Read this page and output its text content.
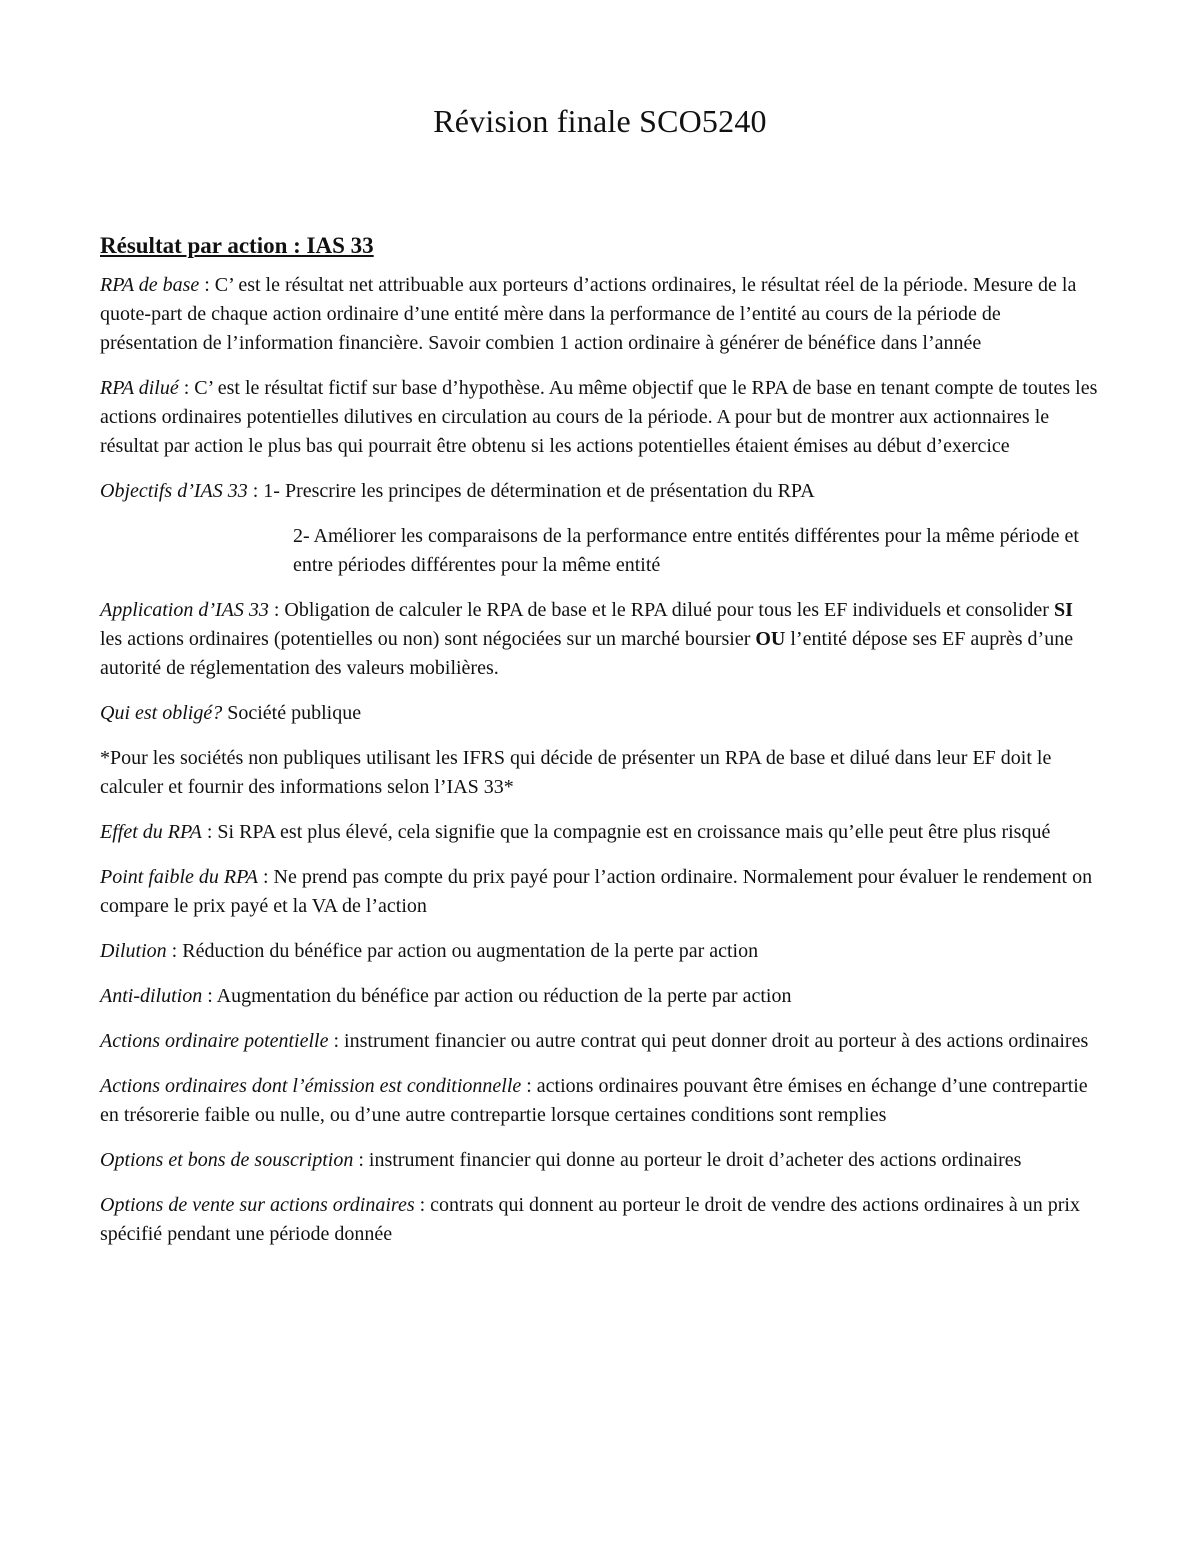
Révision finale SCO5240
Résultat par action : IAS 33

RPA de base : C’ est le résultat net attribuable aux porteurs d’actions ordinaires, le résultat réel de la période. Mesure de la quote-part de chaque action ordinaire d’une entité mère dans la performance de l’entité au cours de la période de présentation de l’information financière. Savoir combien 1 action ordinaire à générer de bénéfice dans l’année

RPA dilué : C’ est le résultat fictif sur base d’hypothèse. Au même objectif que le RPA de base en tenant compte de toutes les actions ordinaires potentielles dilutives en circulation au cours de la période. A pour but de montrer aux actionnaires le résultat par action le plus bas qui pourrait être obtenu si les actions potentielles étaient émises au début d’exercice

Objectifs d’IAS 33 : 1- Prescrire les principes de détermination et de présentation du RPA

2- Améliorer les comparaisons de la performance entre entités différentes pour la même période et entre périodes différentes pour la même entité

Application d’IAS 33 : Obligation de calculer le RPA de base et le RPA dilué pour tous les EF individuels et consolider SI les actions ordinaires (potentielles ou non) sont négociées sur un marché boursier OU l’entité dépose ses EF auprès d’une autorité de réglementation des valeurs mobilières.

Qui est obligé? Société publique

*Pour les sociétés non publiques utilisant les IFRS qui décide de présenter un RPA de base et dilué dans leur EF doit le calculer et fournir des informations selon l’IAS 33*

Effet du RPA : Si RPA est plus élevé, cela signifie que la compagnie est en croissance mais qu’elle peut être plus risqué

Point faible du RPA : Ne prend pas compte du prix payé pour l’action ordinaire. Normalement pour évaluer le rendement on compare le prix payé et la VA de l’action

Dilution : Réduction du bénéfice par action ou augmentation de la perte par action

Anti-dilution : Augmentation du bénéfice par action ou réduction de la perte par action

Actions ordinaire potentielle : instrument financier ou autre contrat qui peut donner droit au porteur à des actions ordinaires

Actions ordinaires dont l’émission est conditionnelle : actions ordinaires pouvant être émises en échange d’une contrepartie en trésorerie faible ou nulle, ou d’une autre contrepartie lorsque certaines conditions sont remplies

Options et bons de souscription : instrument financier qui donne au porteur le droit d’acheter des actions ordinaires

Options de vente sur actions ordinaires : contrats qui donnent au porteur le droit de vendre des actions ordinaires à un prix spécifié pendant une période donnée
